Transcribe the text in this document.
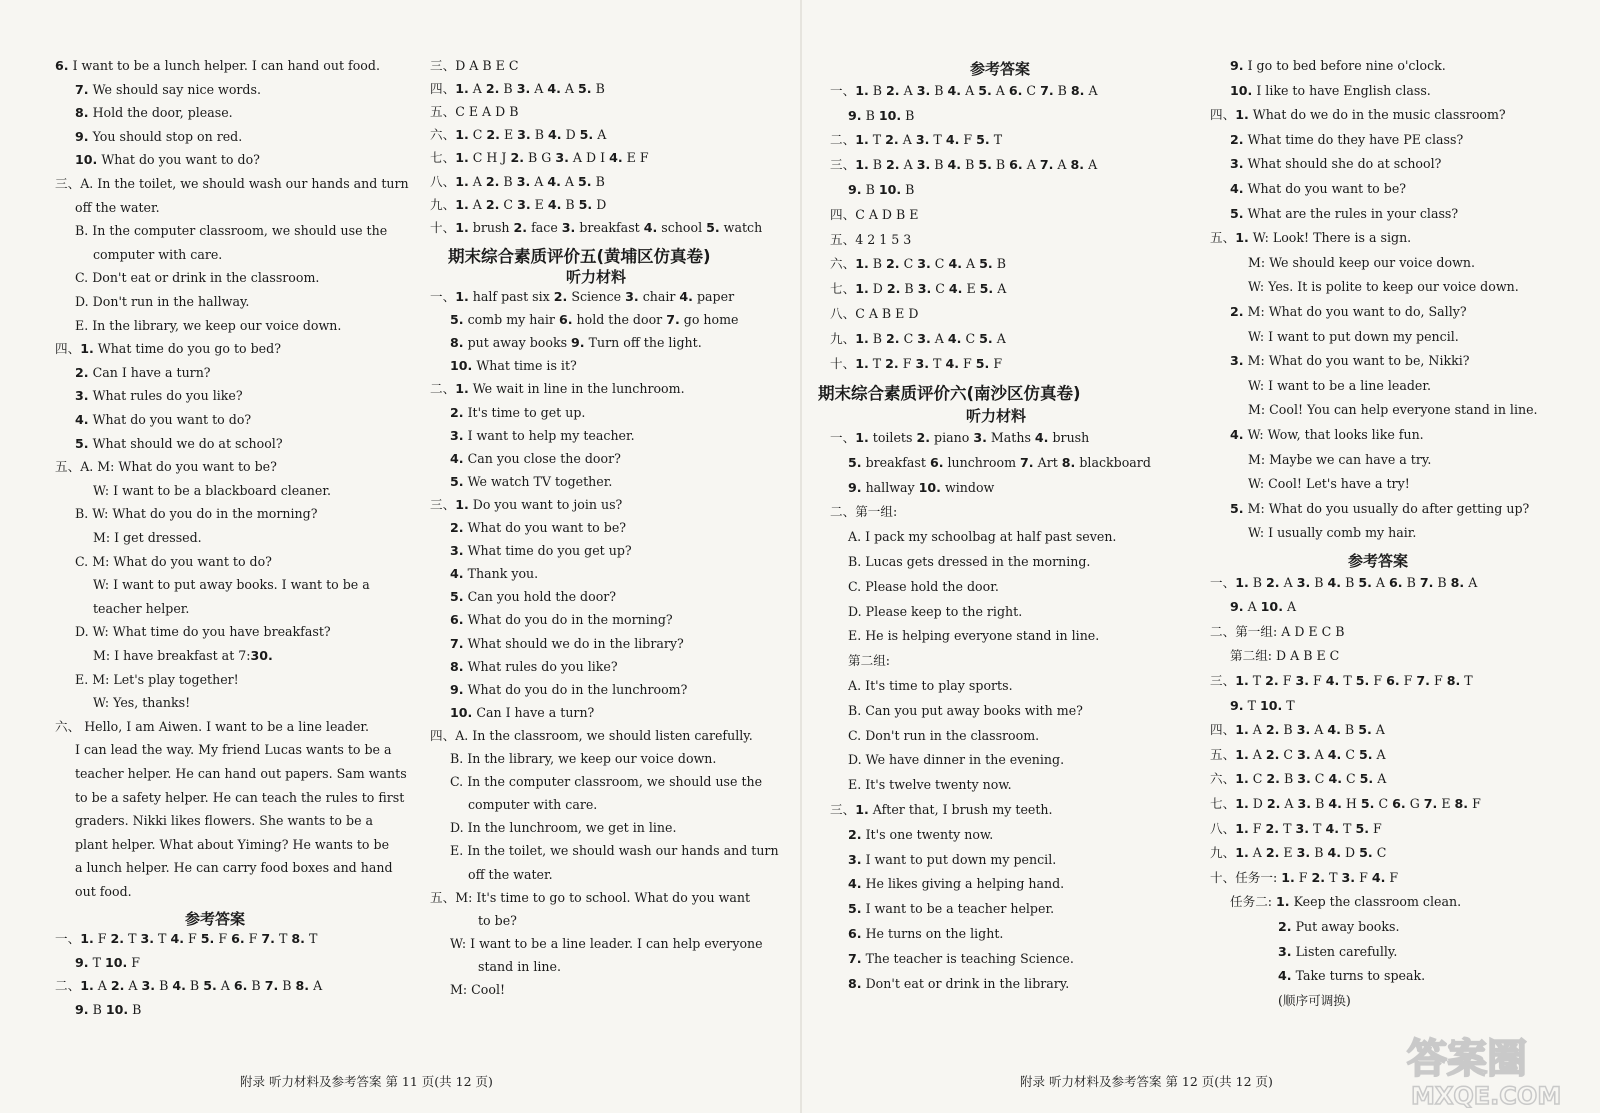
6. I want to be a lunch helper. I can hand out food.
7. We should say nice words.
8. Hold the door, please.
9. You should stop on red.
10. What do you want to do?
三、A. In the toilet, we should wash our hands and turn
off the water.
B. In the computer classroom, we should use the
computer with care.
C. Don't eat or drink in the classroom.
D. Don't run in the hallway.
E. In the library, we keep our voice down.
四、1. What time do you go to bed?
2. Can I have a turn?
3. What rules do you like?
4. What do you want to do?
5. What should we do at school?
五、A. M: What do you want to be?
W: I want to be a blackboard cleaner.
B. W: What do you do in the morning?
M: I get dressed.
C. M: What do you want to do?
W: I want to put away books. I want to be a
teacher helper.
D. W: What time do you have breakfast?
M: I have breakfast at 7:30.
E. M: Let's play together!
W: Yes, thanks!
六、 Hello, I am Aiwen. I want to be a line leader.
I can lead the way. My friend Lucas wants to be a
teacher helper. He can hand out papers. Sam wants
to be a safety helper. He can teach the rules to first
graders. Nikki likes flowers. She wants to be a
plant helper. What about Yiming? He wants to be
a lunch helper. He can carry food boxes and hand
out food.
参考答案
一、1. F 2. T 3. T 4. F 5. F 6. F 7. T 8. T
9. T 10. F
二、1. A 2. A 3. B 4. B 5. A 6. B 7. B 8. A
9. B 10. B
三、D A B E C
四、1. A 2. B 3. A 4. A 5. B
五、C E A D B
六、1. C 2. E 3. B 4. D 5. A
七、1. C H J 2. B G 3. A D I 4. E F
八、1. A 2. B 3. A 4. A 5. B
九、1. A 2. C 3. E 4. B 5. D
十、1. brush 2. face 3. breakfast 4. school 5. watch
期末综合素质评价五(黄埔区仿真卷)
听力材料
一、1. half past six 2. Science 3. chair 4. paper
5. comb my hair 6. hold the door 7. go home
8. put away books 9. Turn off the light.
10. What time is it?
二、1. We wait in line in the lunchroom.
2. It's time to get up.
3. I want to help my teacher.
4. Can you close the door?
5. We watch TV together.
三、1. Do you want to join us?
2. What do you want to be?
3. What time do you get up?
4. Thank you.
5. Can you hold the door?
6. What do you do in the morning?
7. What should we do in the library?
8. What rules do you like?
9. What do you do in the lunchroom?
10. Can I have a turn?
四、A. In the classroom, we should listen carefully.
B. In the library, we keep our voice down.
C. In the computer classroom, we should use the
computer with care.
D. In the lunchroom, we get in line.
E. In the toilet, we should wash our hands and turn
off the water.
五、M: It's time to go to school. What do you want
to be?
W: I want to be a line leader. I can help everyone
stand in line.
M: Cool!
参考答案
一、1. B 2. A 3. B 4. A 5. A 6. C 7. B 8. A
9. B 10. B
二、1. T 2. A 3. T 4. F 5. T
三、1. B 2. A 3. B 4. B 5. B 6. A 7. A 8. A
9. B 10. B
四、C A D B E
五、4 2 1 5 3
六、1. B 2. C 3. C 4. A 5. B
七、1. D 2. B 3. C 4. E 5. A
八、C A B E D
九、1. B 2. C 3. A 4. C 5. A
十、1. T 2. F 3. T 4. F 5. F
期末综合素质评价六(南沙区仿真卷)
听力材料
一、1. toilets 2. piano 3. Maths 4. brush
5. breakfast 6. lunchroom 7. Art 8. blackboard
9. hallway 10. window
二、第一组:
A. I pack my schoolbag at half past seven.
B. Lucas gets dressed in the morning.
C. Please hold the door.
D. Please keep to the right.
E. He is helping everyone stand in line.
第二组:
A. It's time to play sports.
B. Can you put away books with me?
C. Don't run in the classroom.
D. We have dinner in the evening.
E. It's twelve twenty now.
三、1. After that, I brush my teeth.
2. It's one twenty now.
3. I want to put down my pencil.
4. He likes giving a helping hand.
5. I want to be a teacher helper.
6. He turns on the light.
7. The teacher is teaching Science.
8. Don't eat or drink in the library.
9. I go to bed before nine o'clock.
10. I like to have English class.
四、1. What do we do in the music classroom?
2. What time do they have PE class?
3. What should she do at school?
4. What do you want to be?
5. What are the rules in your class?
五、1. W: Look! There is a sign.
M: We should keep our voice down.
W: Yes. It is polite to keep our voice down.
2. M: What do you want to do, Sally?
W: I want to put down my pencil.
3. M: What do you want to be, Nikki?
W: I want to be a line leader.
M: Cool! You can help everyone stand in line.
4. W: Wow, that looks like fun.
M: Maybe we can have a try.
W: Cool! Let's have a try!
5. M: What do you usually do after getting up?
W: I usually comb my hair.
参考答案
一、1. B 2. A 3. B 4. B 5. A 6. B 7. B 8. A
9. A 10. A
二、第一组: A D E C B
第二组: D A B E C
三、1. T 2. F 3. F 4. T 5. F 6. F 7. F 8. T
9. T 10. T
四、1. A 2. B 3. A 4. B 5. A
五、1. A 2. C 3. A 4. C 5. A
六、1. C 2. B 3. C 4. C 5. A
七、1. D 2. A 3. B 4. H 5. C 6. G 7. E 8. F
八、1. F 2. T 3. T 4. T 5. F
九、1. A 2. E 3. B 4. D 5. C
十、任务一: 1. F 2. T 3. F 4. F
任务二: 1. Keep the classroom clean.
2. Put away books.
3. Listen carefully.
4. Take turns to speak.
(顺序可调换)
附录 听力材料及参考答案 第 11 页(共 12 页)	附录 听力材料及参考答案 第 12 页(共 12 页)	答案圈
MXQE.COM
